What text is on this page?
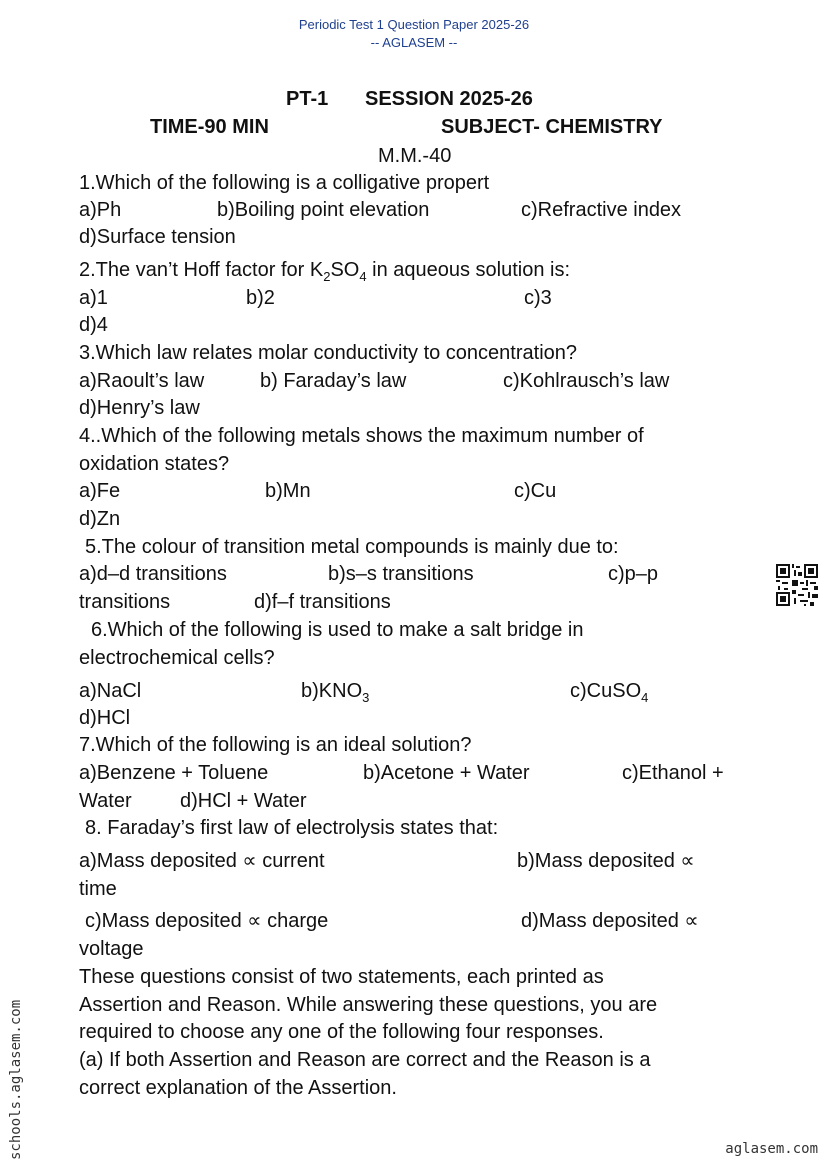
Periodic Test 1 Question Paper 2025-26
-- AGLASEM --
PT-1 SESSION 2025-26
TIME-90 MIN	SUBJECT- CHEMISTRY
M.M.-40
1.Which of the following is a colligative propert
a)Ph	b)Boiling point elevation	c)Refractive index
d)Surface tension
2.The van’t Hoff factor for $K_2SO_4$ in aqueous solution is:
a)1	b)2	c)3
d)4
3.Which law relates molar conductivity to concentration?
a)Raoult’s law	b) Faraday’s law	c)Kohlrausch’s law
d)Henry’s law
4..Which of the following metals shows the maximum number of
oxidation states?
a)Fe	b)Mn	c)Cu
d)Zn
5.The colour of transition metal compounds is mainly due to:
a)d–d transitions	b)s–s transitions	c)p–p
transitions	d)f–f transitions
6.Which of the following is used to make a salt bridge in
electrochemical cells?
a)NaCl	$b)KNO_3$	c)CuSO$_4$
d)HCl
7.Which of the following is an ideal solution?
a)Benzene + Toluene	b)Acetone + Water	c)Ethanol +
Water d)HCl + Water
8. Faraday’s first law of electrolysis states that:
a)Mass deposited ∝ current	b)Mass deposited ∝
time
c)Mass deposited ∝ charge	d)Mass deposited ∝
voltage
These questions consist of two statements, each printed as
Assertion and Reason. While answering these questions, you are
required to choose any one of the following four responses.
(a) If both Assertion and Reason are correct and the Reason is a
correct explanation of the Assertion.
schools.aglasem.com	aglasem.com
